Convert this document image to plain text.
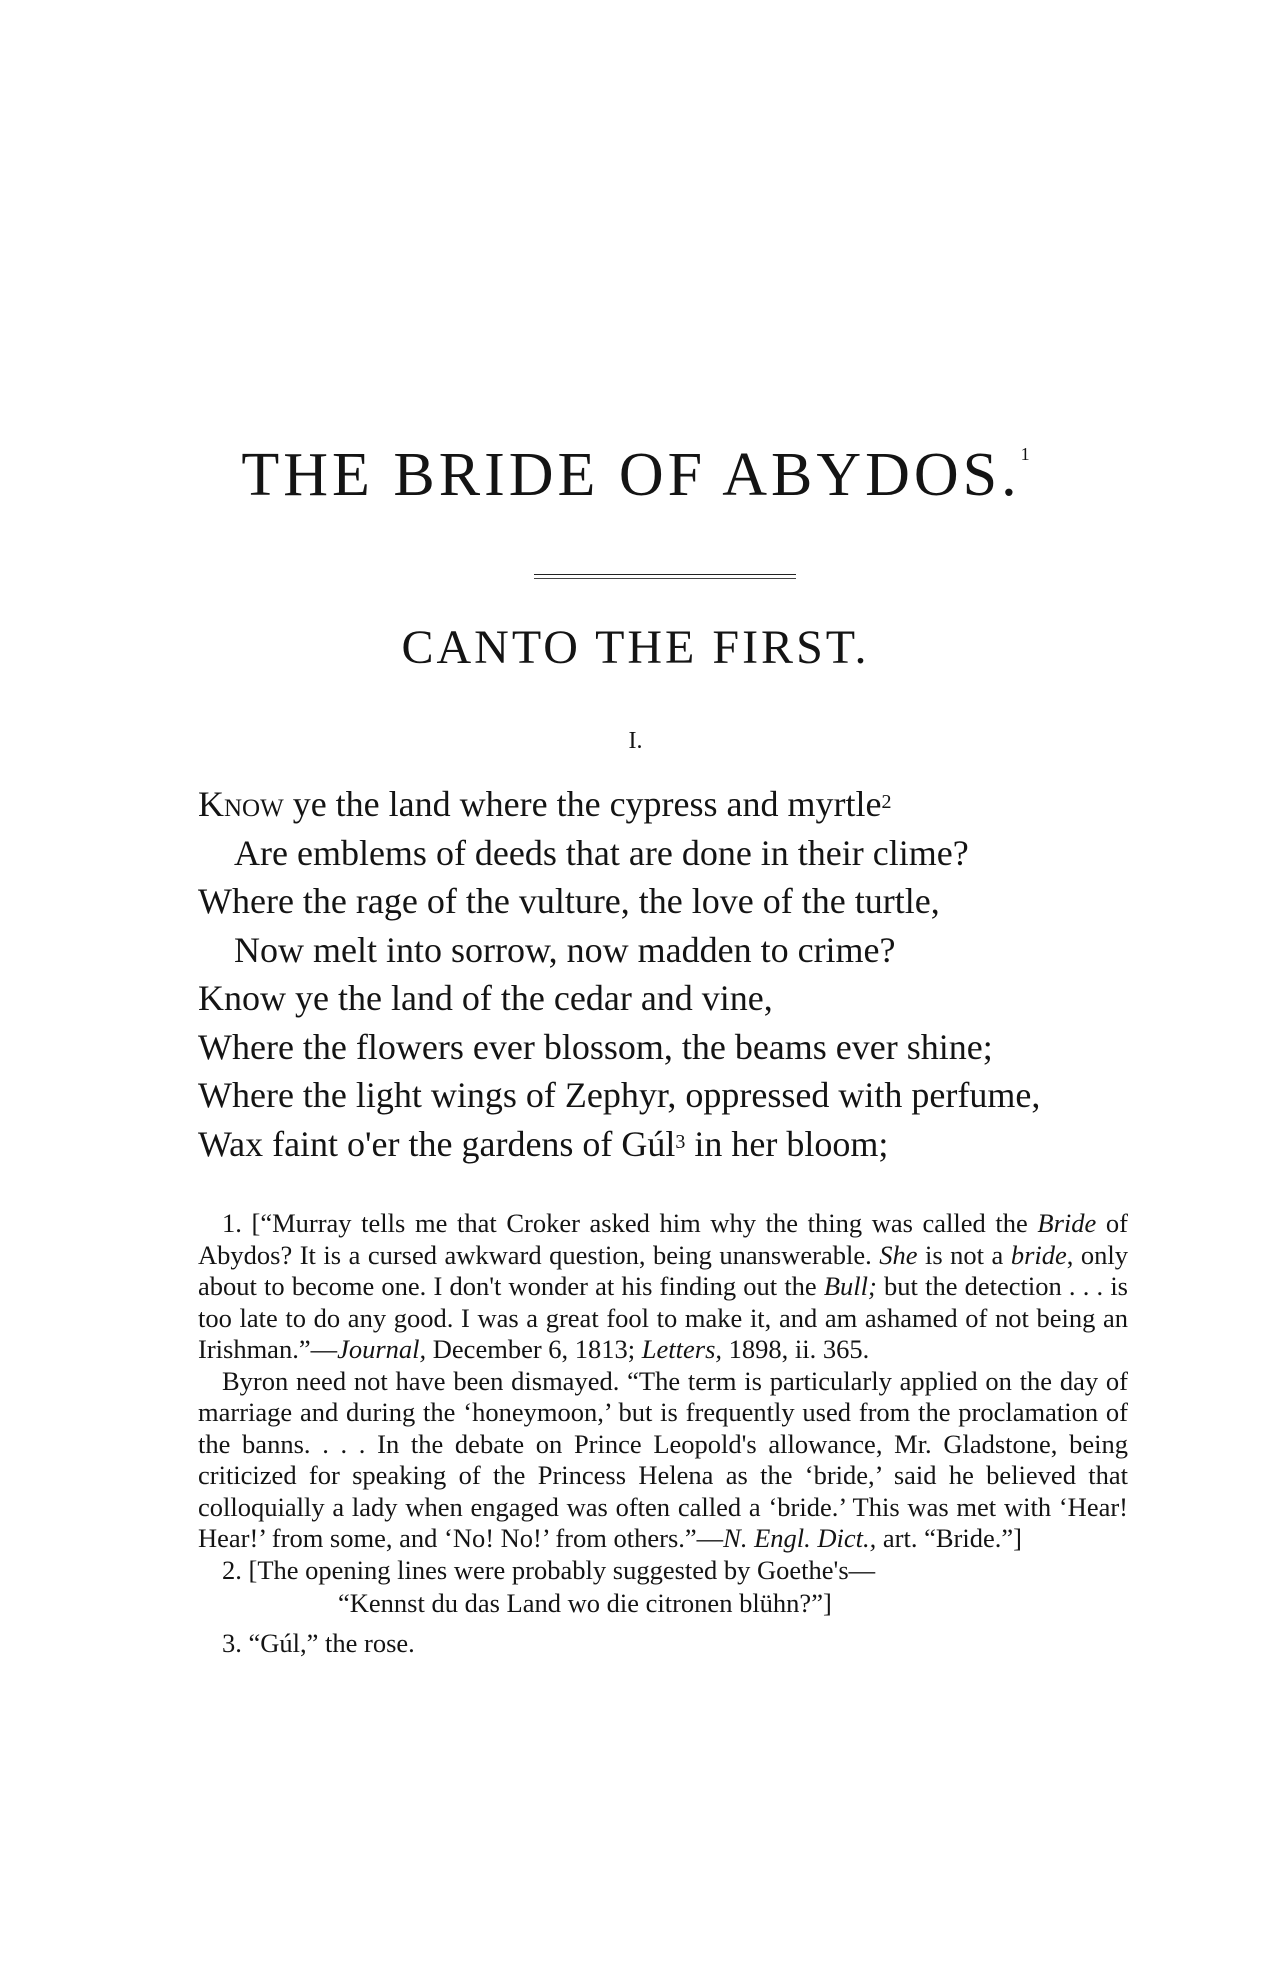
THE BRIDE OF ABYDOS.$^1$
CANTO THE FIRST.
I.
Know ye the land where the cypress and myrtle$^2$
Are emblems of deeds that are done in their clime?
Where the rage of the vulture, the love of the turtle,
Now melt into sorrow, now madden to crime?
Know ye the land of the cedar and vine,
Where the flowers ever blossom, the beams ever shine;
Where the light wings of Zephyr, oppressed with perfume,
Wax faint o'er the gardens of Gúl$^3$ in her bloom;

1. [“Murray tells me that Croker asked him why the thing was called the Bride of Abydos? It is a cursed awkward question, being unanswerable. She is not a bride, only about to become one. I don't wonder at his finding out the Bull; but the detection . . . is too late to do any good. I was a great fool to make it, and am ashamed of not being an Irishman.”—Journal, December 6, 1813; Letters, 1898, ii. 365.

Byron need not have been dismayed. “The term is particularly applied on the day of marriage and during the ‘honeymoon,’ but is frequently used from the proclamation of the banns. . . . In the debate on Prince Leopold's allowance, Mr. Gladstone, being criticized for speaking of the Princess Helena as the ‘bride,’ said he believed that colloquially a lady when engaged was often called a ‘bride.’ This was met with ‘Hear! Hear!’ from some, and ‘No! No!’ from others.”—N. Engl. Dict., art. “Bride.”]

2. [The opening lines were probably suggested by Goethe's—

“Kennst du das Land wo die citronen blühn?”]

3. “Gúl,” the rose.
